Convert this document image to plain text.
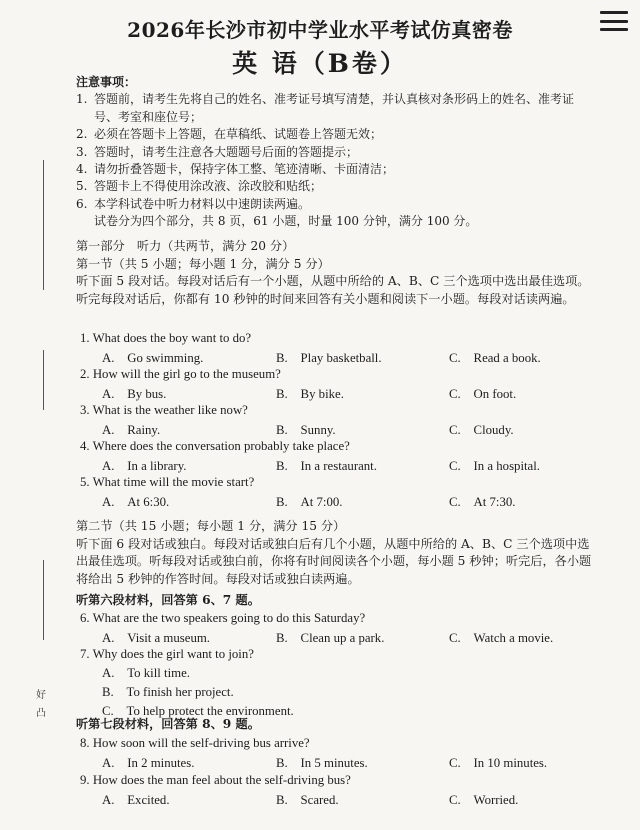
好
凸
2026年长沙市初中学业水平考试仿真密卷
英 语（B卷）
注意事项：
1. 答题前，请考生先将自己的姓名、准考证号填写清楚，并认真核对条形码上的姓名、准考证号、考室和座位号；
2. 必须在答题卡上答题，在草稿纸、试题卷上答题无效；
3. 答题时，请考生注意各大题题号后面的答题提示；
4. 请勿折叠答题卡，保持字体工整、笔迹清晰、卡面清洁；
5. 答题卡上不得使用涂改液、涂改胶和贴纸；
6. 本学科试卷中听力材料以中速朗读两遍。
试卷分为四个部分，共 8 页，61 小题，时量 100 分钟，满分 100 分。
第一部分　听力（共两节，满分 20 分）
第一节（共 5 小题；每小题 1 分，满分 5 分）
听下面 5 段对话。每段对话后有一个小题，从题中所给的 A、B、C 三个选项中选出最佳选项。听完每段对话后，你都有 10 秒钟的时间来回答有关小题和阅读下一小题。每段对话读两遍。
1. What does the boy want to do?
A.　Go swimming.	B.　Play basketball.	C.　Read a book.
2. How will the girl go to the museum?
A.　By bus.	B.　By bike.	C.　On foot.
3. What is the weather like now?
A.　Rainy.	B.　Sunny.	C.　Cloudy.
4. Where does the conversation probably take place?
A.　In a library.	B.　In a restaurant.	C.　In a hospital.
5. What time will the movie start?
A.　At 6:30.	B.　At 7:00.	C.　At 7:30.
第二节（共 15 小题；每小题 1 分，满分 15 分）
听下面 6 段对话或独白。每段对话或独白后有几个小题，从题中所给的 A、B、C 三个选项中选出最佳选项。听每段对话或独白前，你将有时间阅读各个小题，每小题 5 秒钟；听完后，各小题将给出 5 秒钟的作答时间。每段对话或独白读两遍。
听第六段材料，回答第 6、7 题。
6. What are the two speakers going to do this Saturday?
A.　Visit a museum.	B.　Clean up a park.	C.　Watch a movie.
7. Why does the girl want to join?
A.　To kill time.
B.　To finish her project.
C.　To help protect the environment.
听第七段材料，回答第 8、9 题。
8. How soon will the self-driving bus arrive?
A.　In 2 minutes.	B.　In 5 minutes.	C.　In 10 minutes.
9. How does the man feel about the self-driving bus?
A.　Excited.	B.　Scared.	C.　Worried.
